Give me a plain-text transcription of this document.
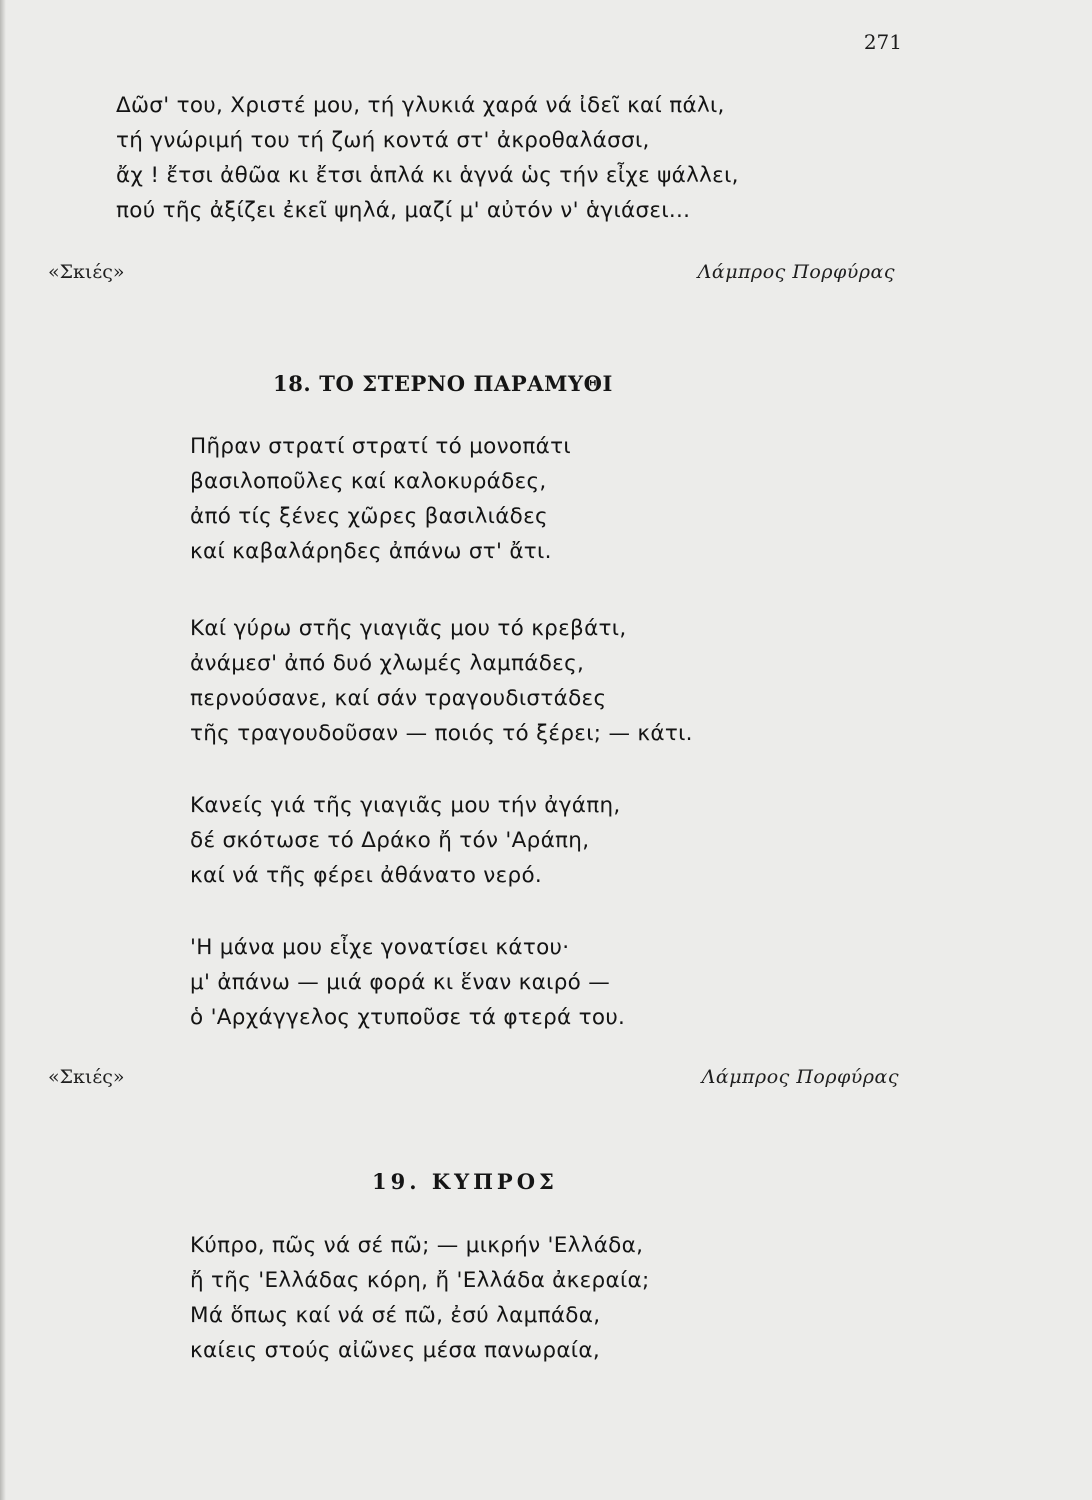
271
Δῶσ' του, Χριστέ μου, τή γλυκιά χαρά νά ἰδεῖ καί πάλι,
τή γνώριμή του τή ζωή κοντά στ' ἀκροθαλάσσι,
ἄχ ! ἔτσι ἀθῶα κι ἔτσι ἁπλά κι ἁγνά ὡς τήν εἶχε ψάλλει,
πού τῆς ἀξίζει ἐκεῖ ψηλά, μαζί μ' αὐτόν ν' ἁγιάσει...
«Σκιές»	Λάμπρος Πορφύρας
18. ΤΟ ΣΤΕΡΝΟ ΠΑΡΑΜΥΘΙ
Πῆραν στρατί στρατί τό μονοπάτι
βασιλοποῦλες καί καλοκυράδες,
ἀπό τίς ξένες χῶρες βασιλιάδες
καί καβαλάρηδες ἀπάνω στ' ἄτι.
Καί γύρω στῆς γιαγιᾶς μου τό κρεβάτι,
ἀνάμεσ' ἀπό δυό χλωμές λαμπάδες,
περνούσανε, καί σάν τραγουδιστάδες
τῆς τραγουδοῦσαν — ποιός τό ξέρει; — κάτι.
Κανείς γιά τῆς γιαγιᾶς μου τήν ἀγάπη,
δέ σκότωσε τό Δράκο ἤ τόν 'Αράπη,
καί νά τῆς φέρει ἀθάνατο νερό.
'Η μάνα μου εἶχε γονατίσει κάτου·
μ' ἀπάνω — μιά φορά κι ἕναν καιρό —
ὁ 'Αρχάγγελος χτυποῦσε τά φτερά του.
«Σκιές»	Λάμπρος Πορφύρας
19. ΚΥΠΡΟΣ
Κύπρο, πῶς νά σέ πῶ; — μικρήν 'Ελλάδα,
ἤ τῆς 'Ελλάδας κόρη, ἤ 'Ελλάδα ἀκεραία;
Μά ὅπως καί νά σέ πῶ, ἐσύ λαμπάδα,
καίεις στούς αἰῶνες μέσα πανωραία,
